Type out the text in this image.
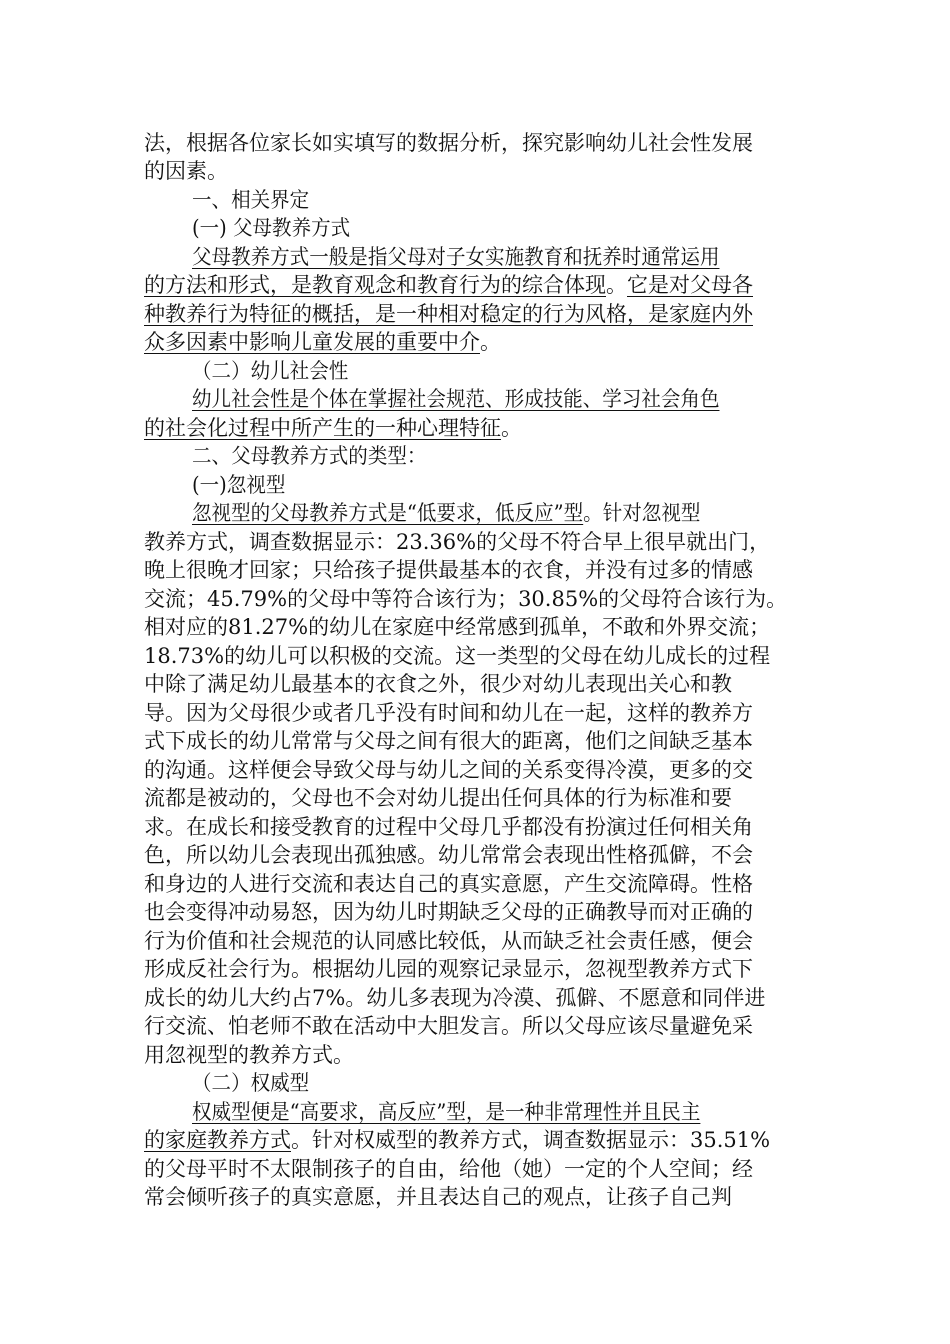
法，根据各位家长如实填写的数据分析，探究影响幼儿社会性发展
的因素。
一、相关界定
(一) 父母教养方式
父母教养方式一般是指父母对子女实施教育和抚养时通常运用
的方法和形式，是教育观念和教育行为的综合体现。它是对父母各
种教养行为特征的概括，是一种相对稳定的行为风格，是家庭内外
众多因素中影响儿童发展的重要中介。
（二）幼儿社会性
幼儿社会性是个体在掌握社会规范、形成技能、学习社会角色
的社会化过程中所产生的一种心理特征。
二、父母教养方式的类型：
(一)忽视型
忽视型的父母教养方式是“低要求，低反应”型。针对忽视型
教养方式，调查数据显示：23.36%的父母不符合早上很早就出门，
晚上很晚才回家；只给孩子提供最基本的衣食，并没有过多的情感
交流；45.79%的父母中等符合该行为；30.85%的父母符合该行为。
相对应的81.27%的幼儿在家庭中经常感到孤单，不敢和外界交流；
18.73%的幼儿可以积极的交流。这一类型的父母在幼儿成长的过程
中除了满足幼儿最基本的衣食之外，很少对幼儿表现出关心和教
导。因为父母很少或者几乎没有时间和幼儿在一起，这样的教养方
式下成长的幼儿常常与父母之间有很大的距离，他们之间缺乏基本
的沟通。这样便会导致父母与幼儿之间的关系变得冷漠，更多的交
流都是被动的，父母也不会对幼儿提出任何具体的行为标准和要
求。在成长和接受教育的过程中父母几乎都没有扮演过任何相关角
色，所以幼儿会表现出孤独感。幼儿常常会表现出性格孤僻，不会
和身边的人进行交流和表达自己的真实意愿，产生交流障碍。性格
也会变得冲动易怒，因为幼儿时期缺乏父母的正确教导而对正确的
行为价值和社会规范的认同感比较低，从而缺乏社会责任感，便会
形成反社会行为。根据幼儿园的观察记录显示，忽视型教养方式下
成长的幼儿大约占7%。幼儿多表现为冷漠、孤僻、不愿意和同伴进
行交流、怕老师不敢在活动中大胆发言。所以父母应该尽量避免采
用忽视型的教养方式。
（二）权威型
权威型便是“高要求，高反应”型，是一种非常理性并且民主
的家庭教养方式。针对权威型的教养方式，调查数据显示：35.51%
的父母平时不太限制孩子的自由，给他（她）一定的个人空间；经
常会倾听孩子的真实意愿，并且表达自己的观点，让孩子自己判
